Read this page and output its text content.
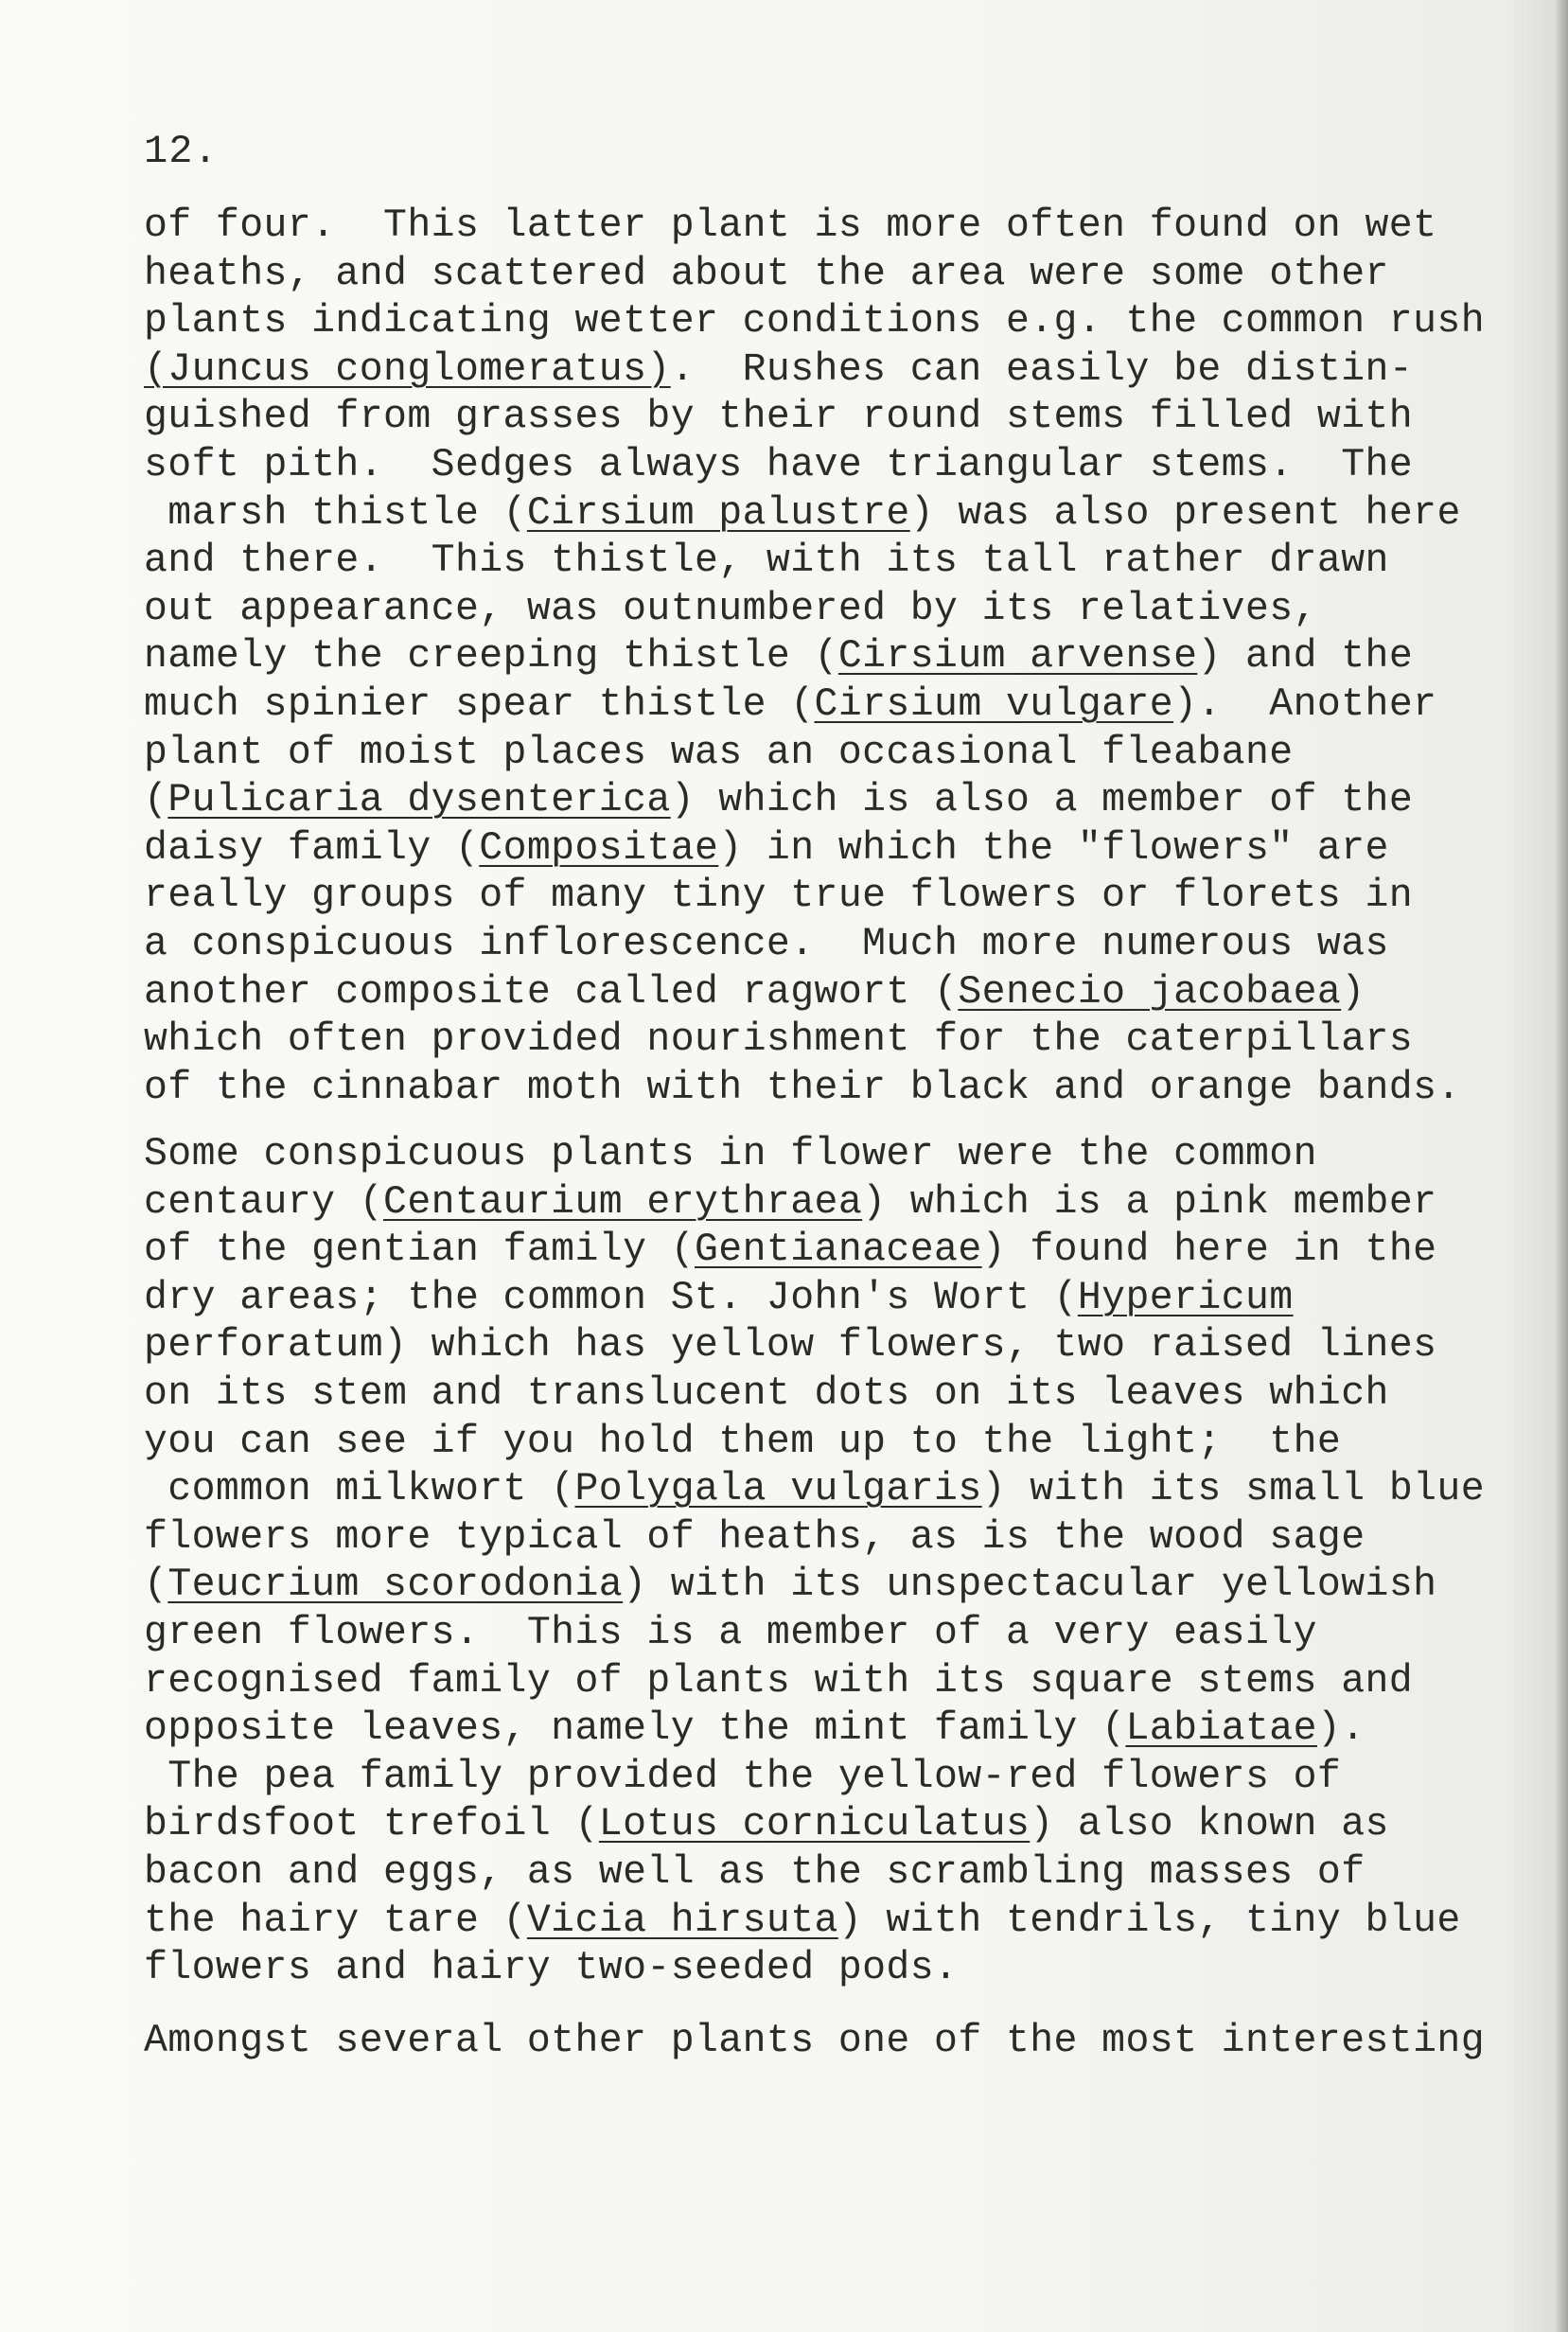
12.
of four.  This latter plant is more often found on wet
heaths, and scattered about the area were some other
plants indicating wetter conditions e.g. the common rush
(Juncus conglomeratus).  Rushes can easily be distin-
guished from grasses by their round stems filled with
soft pith.  Sedges always have triangular stems.  The
marsh thistle (Cirsium palustre) was also present here
and there.  This thistle, with its tall rather drawn
out appearance, was outnumbered by its relatives,
namely the creeping thistle (Cirsium arvense) and the
much spinier spear thistle (Cirsium vulgare).  Another
plant of moist places was an occasional fleabane
(Pulicaria dysenterica) which is also a member of the
daisy family (Compositae) in which the "flowers" are
really groups of many tiny true flowers or florets in
a conspicuous inflorescence.  Much more numerous was
another composite called ragwort (Senecio jacobaea)
which often provided nourishment for the caterpillars
of the cinnabar moth with their black and orange bands.
Some conspicuous plants in flower were the common
centaury (Centaurium erythraea) which is a pink member
of the gentian family (Gentianaceae) found here in the
dry areas; the common St. John's Wort (Hypericum
perforatum) which has yellow flowers, two raised lines
on its stem and translucent dots on its leaves which
you can see if you hold them up to the light;  the
common milkwort (Polygala vulgaris) with its small blue
flowers more typical of heaths, as is the wood sage
(Teucrium scorodonia) with its unspectacular yellowish
green flowers.  This is a member of a very easily
recognised family of plants with its square stems and
opposite leaves, namely the mint family (Labiatae).
The pea family provided the yellow-red flowers of
birdsfoot trefoil (Lotus corniculatus) also known as
bacon and eggs, as well as the scrambling masses of
the hairy tare (Vicia hirsuta) with tendrils, tiny blue
flowers and hairy two-seeded pods.
Amongst several other plants one of the most interesting
